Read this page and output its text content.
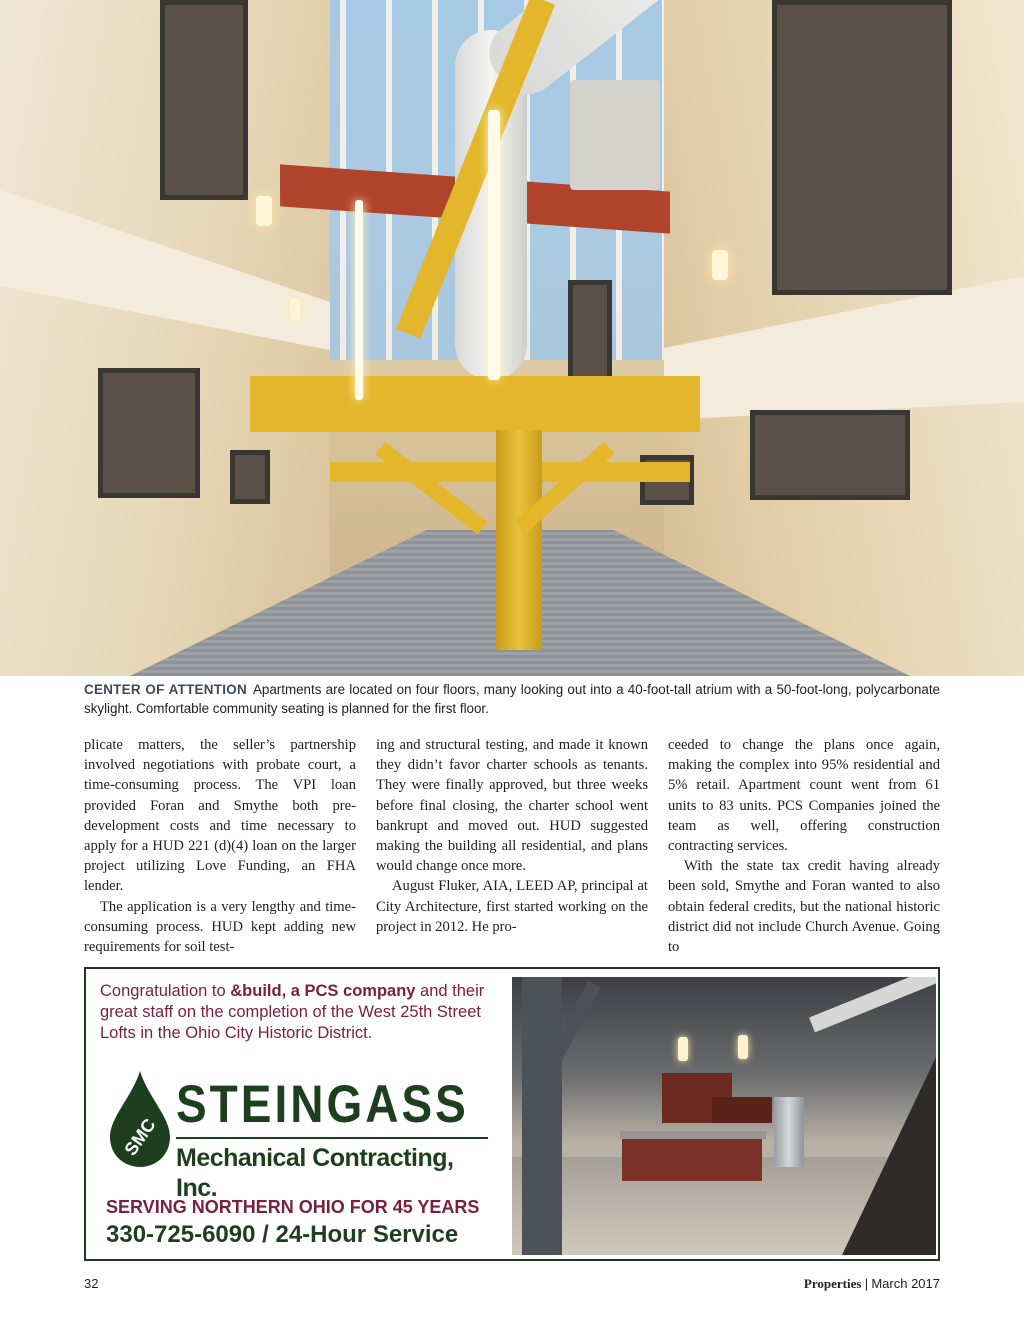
CENTER OF ATTENTION Apartments are located on four floors, many looking out into a 40-foot-tall atrium with a 50-foot-long, polycarbonate skylight. Comfortable community seating is planned for the first floor.

plicate matters, the seller’s partnership involved negotiations with probate court, a time-consuming process. The VPI loan provided Foran and Smythe both pre-development costs and time necessary to apply for a HUD 221 (d)(4) loan on the larger project utilizing Love Funding, an FHA lender.

The application is a very lengthy and time-consuming process. HUD kept adding new requirements for soil test-

ing and structural testing, and made it known they didn’t favor charter schools as tenants. They were finally approved, but three weeks before final closing, the charter school went bankrupt and moved out. HUD suggested making the building all residential, and plans would change once more.

August Fluker, AIA, LEED AP, principal at City Architecture, first started working on the project in 2012. He pro-

ceeded to change the plans once again, making the complex into 95% residential and 5% retail. Apartment count went from 61 units to 83 units. PCS Companies joined the team as well, offering construction contracting services.

With the state tax credit having already been sold, Smythe and Foran wanted to also obtain federal credits, but the national historic district did not include Church Avenue. Going to

Congratulation to &build, a PCS company and their great staff on the completion of the West 25th Street Lofts in the Ohio City Historic District.
SMC
STEINGASS
Mechanical Contracting, Inc.
SERVING NORTHERN OHIO FOR 45 YEARS
330-725-6090 / 24-Hour Service
32	Properties | March 2017
